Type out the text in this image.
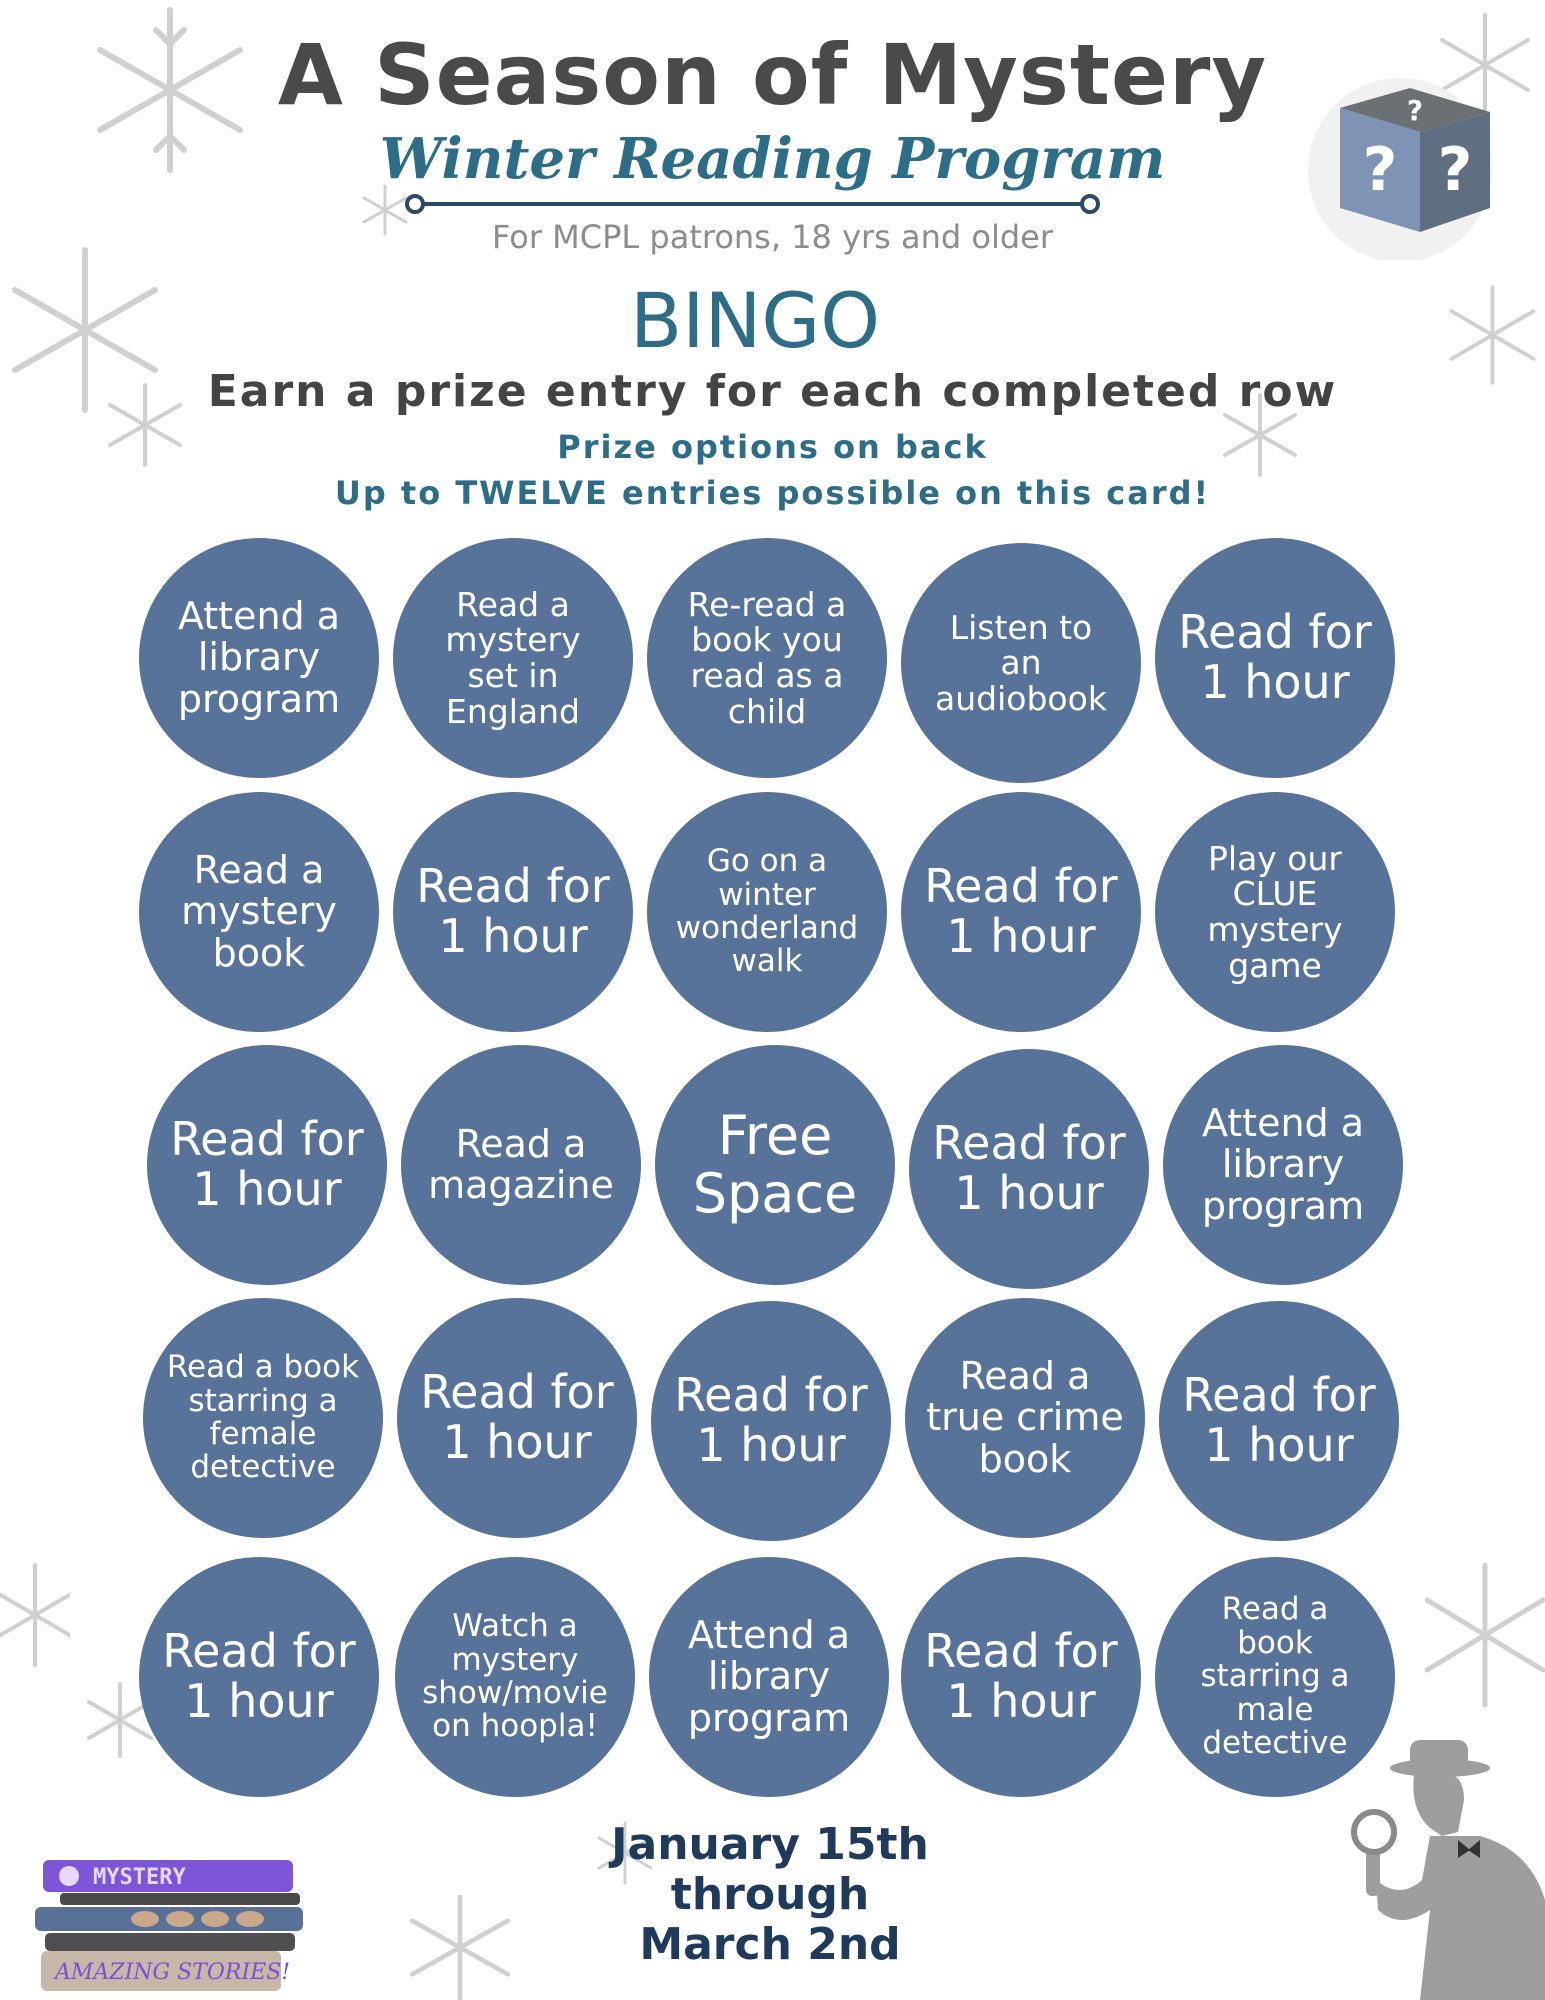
? ?
?
A Season of Mystery
Winter Reading Program
For MCPL patrons, 18 yrs and older
BINGO
Earn a prize entry for each completed row
Prize options on back
Up to TWELVE entries possible on this card!
Attend a
library
program
Read a
mystery
set in
England
Re-read a
book you
read as a
child
Listen to
an
audiobook
Read for
1 hour
Read a
mystery
book
Read for
1 hour
Go on a
winter
wonderland
walk
Read for
1 hour
Play our
CLUE
mystery
game
Read for
1 hour
Read a
magazine
Free
Space
Read for
1 hour
Attend a
library
program
Read a book
starring a
female
detective
Read for
1 hour
Read for
1 hour
Read a
true crime
book
Read for
1 hour
Read for
1 hour
Watch a
mystery
show/movie
on hoopla!
Attend a
library
program
Read for
1 hour
Read a
book
starring a
male
detective
January 15th
through
March 2nd
MYSTERY
AMAZING STORIES!
